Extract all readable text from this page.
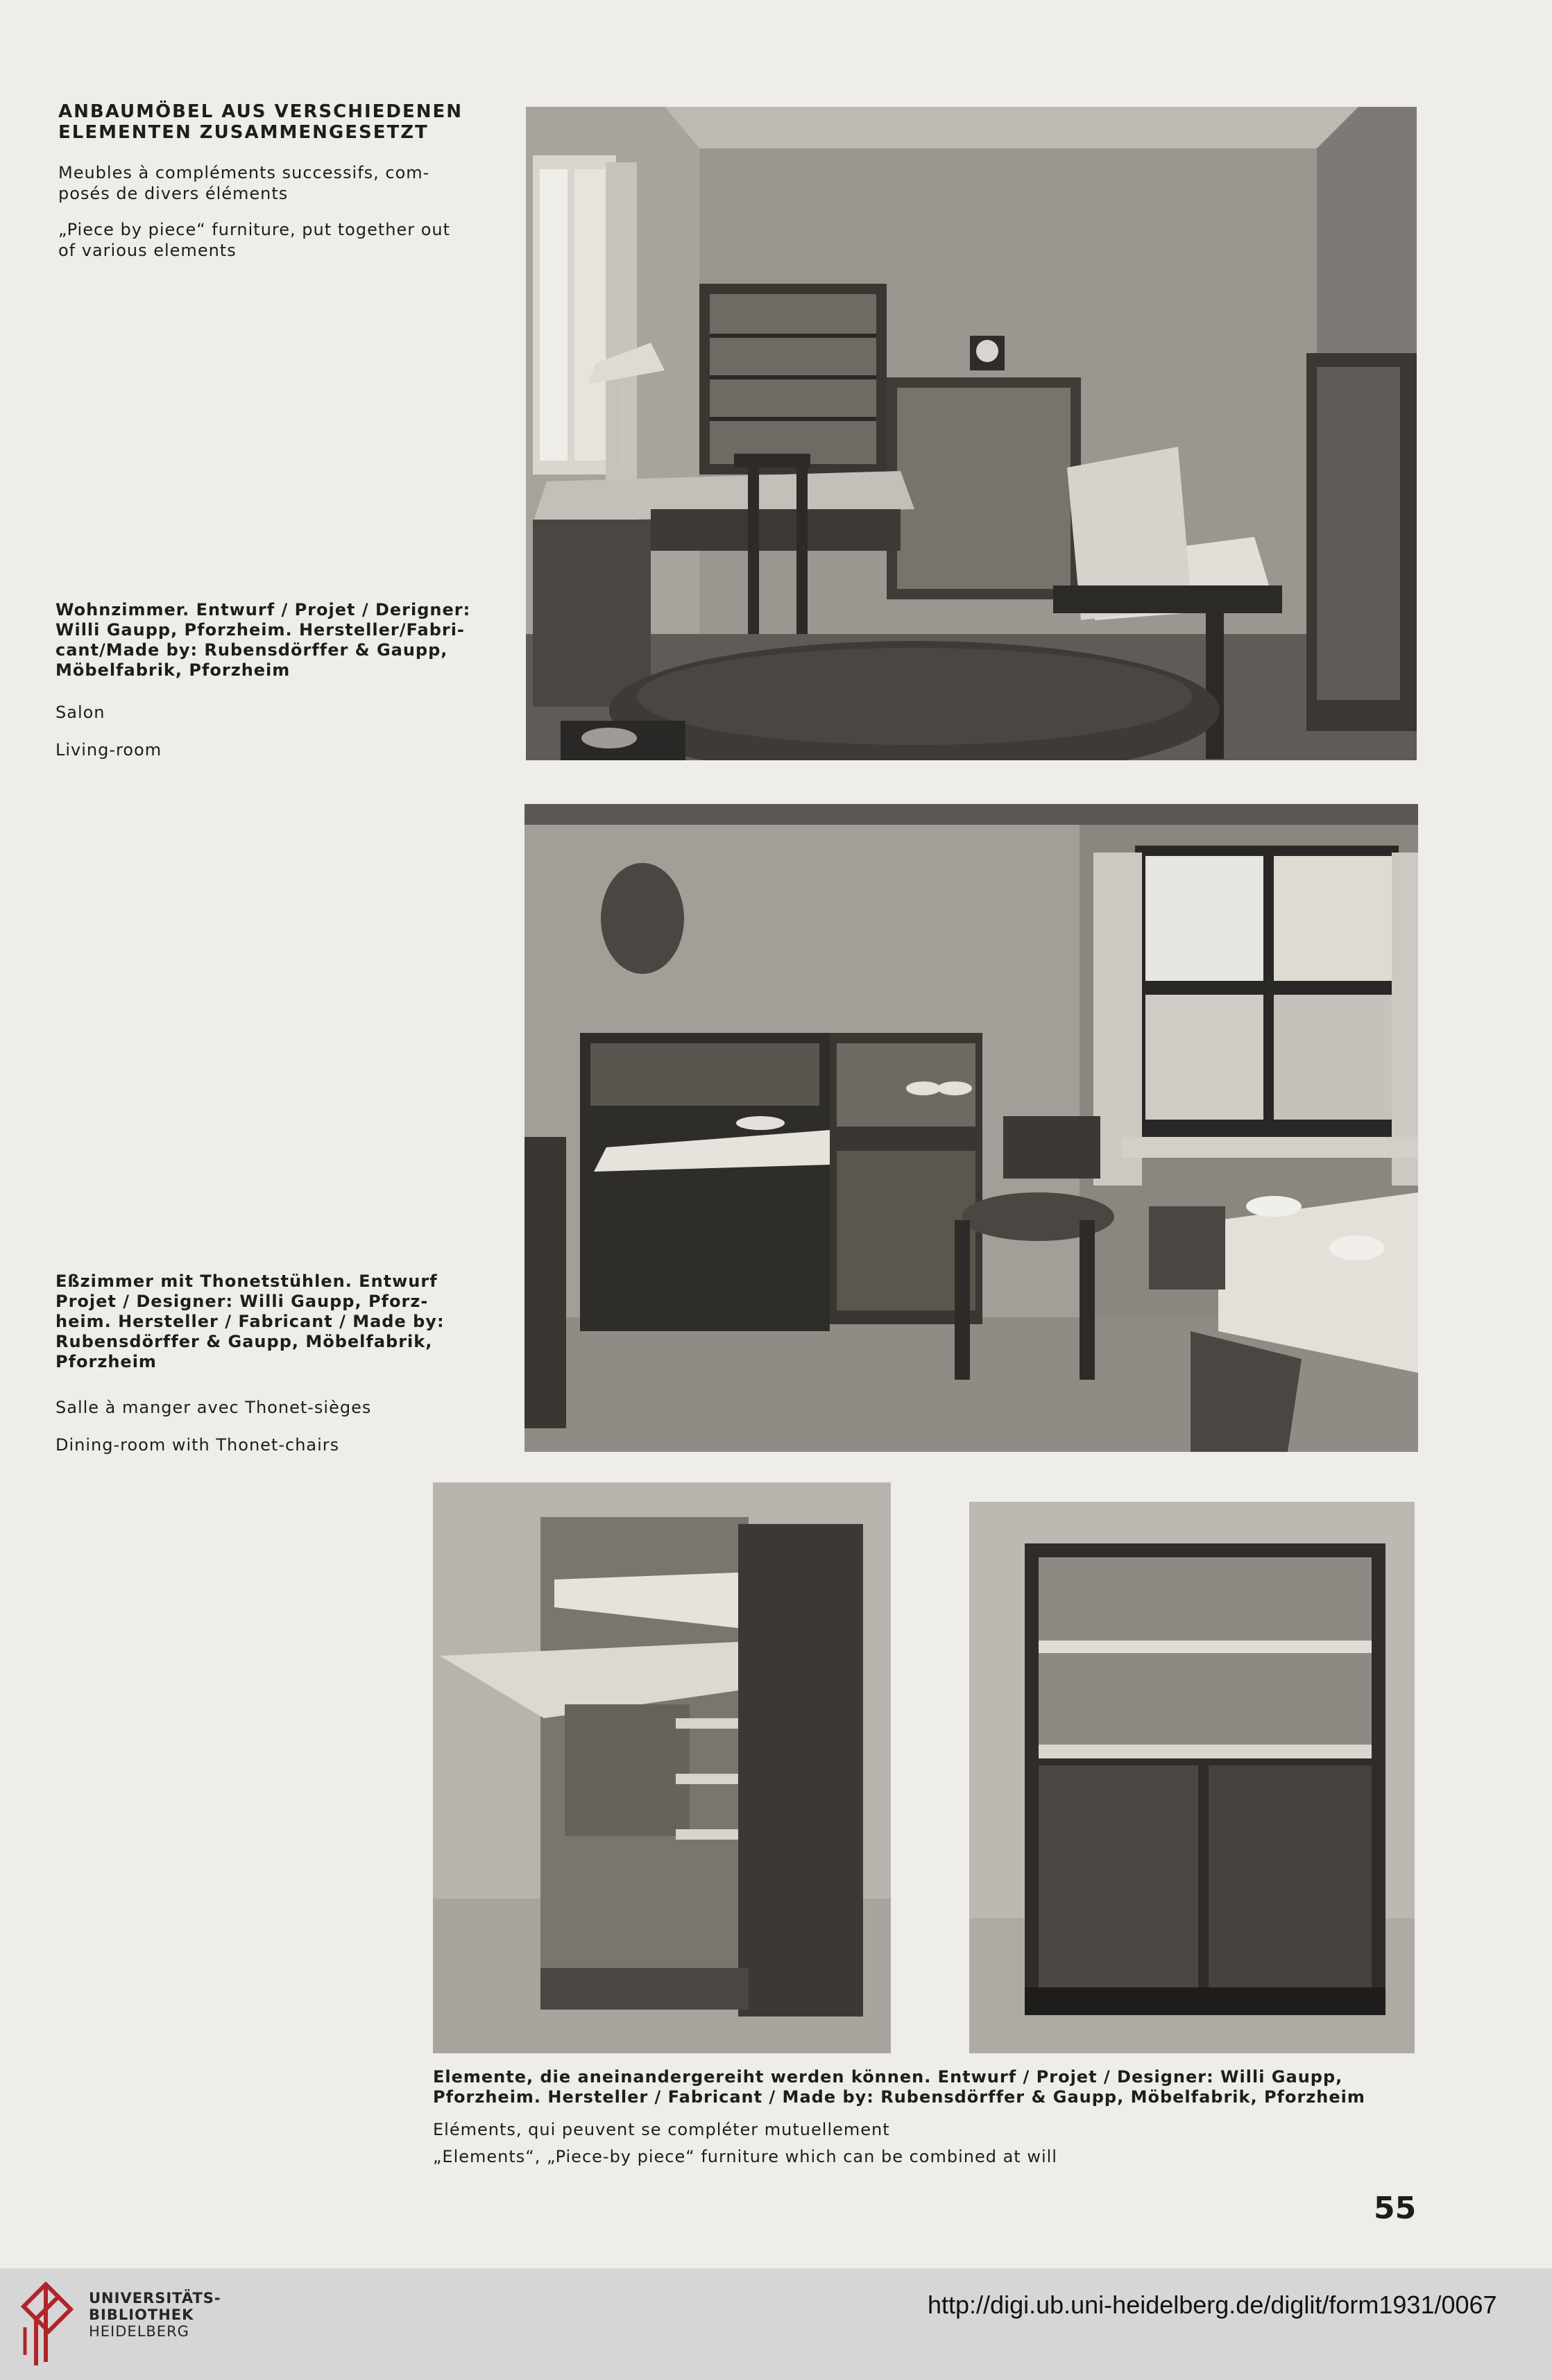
ANBAUMÖBEL AUS VERSCHIEDENEN

ELEMENTEN ZUSAMMENGESETZT

Meubles à compléments successifs, com-

posés de divers éléments

„Piece by piece“ furniture, put together out

of various elements

Wohnzimmer. Entwurf / Projet / Derigner:

Willi Gaupp, Pforzheim. Hersteller/Fabri-

cant/Made by: Rubensdörffer & Gaupp,

Möbelfabrik, Pforzheim

Salon

Living-room

Eßzimmer mit Thonetstühlen. Entwurf

Projet / Designer: Willi Gaupp, Pforz-

heim. Hersteller / Fabricant / Made by:

Rubensdörffer & Gaupp, Möbelfabrik,

Pforzheim

Salle à manger avec Thonet-sièges

Dining-room with Thonet-chairs

Elemente, die aneinandergereiht werden können. Entwurf / Projet / Designer: Willi Gaupp,

Pforzheim. Hersteller / Fabricant / Made by: Rubensdörffer & Gaupp, Möbelfabrik, Pforzheim

Eléments, qui peuvent se compléter mutuellement

„Elements“, „Piece-by piece“ furniture which can be combined at will

55

UNIVERSITÄTS-
BIBLIOTHEK
HEIDELBERG
http://digi.ub.uni-heidelberg.de/diglit/form1931/0067
